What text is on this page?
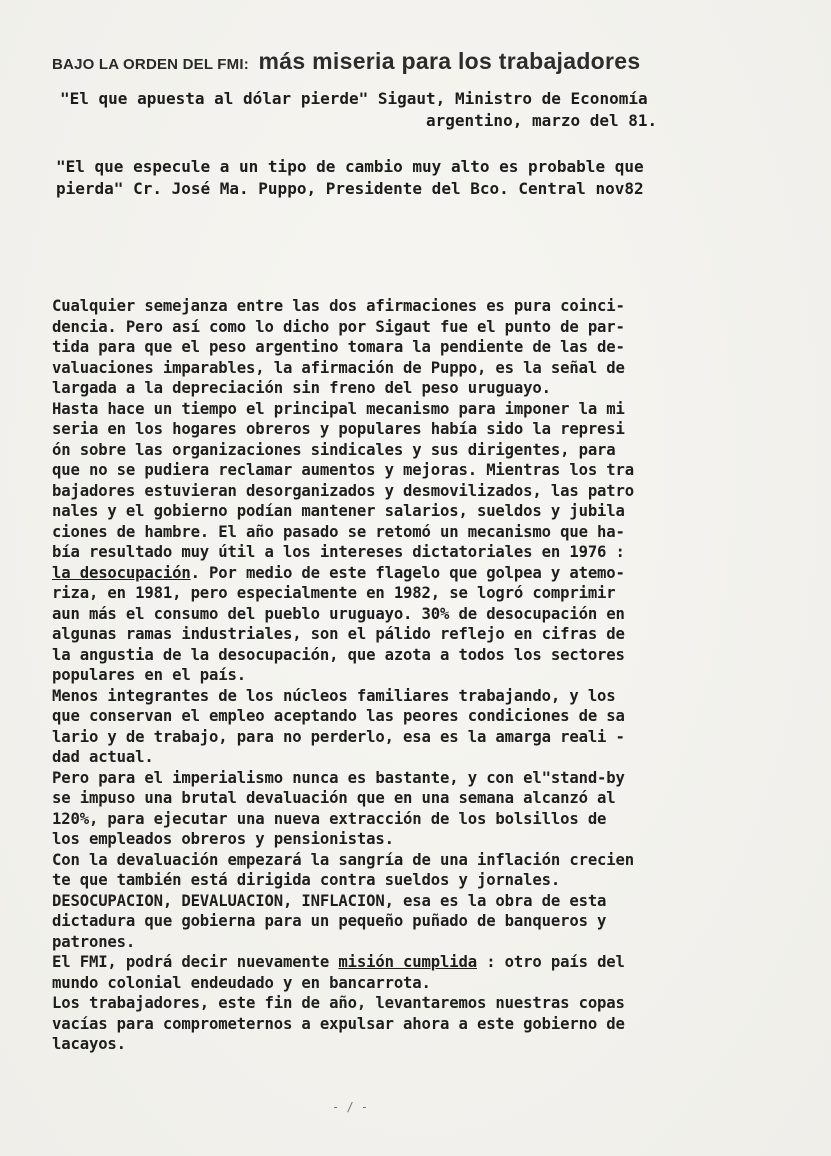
BAJO LA ORDEN DEL FMI: más miseria para los trabajadores
"El que apuesta al dólar pierde" Sigaut, Ministro de Economía
argentino, marzo del 81.
"El que especule a un tipo de cambio muy alto es probable que
pierda" Cr. José Ma. Puppo, Presidente del Bco. Central nov82
Cualquier semejanza entre las dos afirmaciones es pura coinci-
dencia. Pero así como lo dicho por Sigaut fue el punto de par-
tida para que el peso argentino tomara la pendiente de las de-
valuaciones imparables, la afirmación de Puppo, es la señal de
largada a la depreciación sin freno del peso uruguayo.
Hasta hace un tiempo el principal mecanismo para imponer la mi
seria en los hogares obreros y populares había sido la represi
ón sobre las organizaciones sindicales y sus dirigentes, para
que no se pudiera reclamar aumentos y mejoras. Mientras los tra
bajadores estuvieran desorganizados y desmovilizados, las patro
nales y el gobierno podían mantener salarios, sueldos y jubila
ciones de hambre. El año pasado se retomó un mecanismo que ha-
bía resultado muy útil a los intereses dictatoriales en 1976 :
la desocupación. Por medio de este flagelo que golpea y atemo-
riza, en 1981, pero especialmente en 1982, se logró comprimir
aun más el consumo del pueblo uruguayo. 30% de desocupación en
algunas ramas industriales, son el pálido reflejo en cifras de
la angustia de la desocupación, que azota a todos los sectores
populares en el país.
Menos integrantes de los núcleos familiares trabajando, y los
que conservan el empleo aceptando las peores condiciones de sa
lario y de trabajo, para no perderlo, esa es la amarga reali -
dad actual.
Pero para el imperialismo nunca es bastante, y con el"stand-by
se impuso una brutal devaluación que en una semana alcanzó al
120%, para ejecutar una nueva extracción de los bolsillos de
los empleados obreros y pensionistas.
Con la devaluación empezará la sangría de una inflación crecien
te que también está dirigida contra sueldos y jornales.
DESOCUPACION, DEVALUACION, INFLACION, esa es la obra de esta
dictadura que gobierna para un pequeño puñado de banqueros y
patrones.
El FMI, podrá decir nuevamente misión cumplida : otro país del
mundo colonial endeudado y en bancarrota.
Los trabajadores, este fin de año, levantaremos nuestras copas
vacías para comprometernos a expulsar ahora a este gobierno de
lacayos.
- / -
